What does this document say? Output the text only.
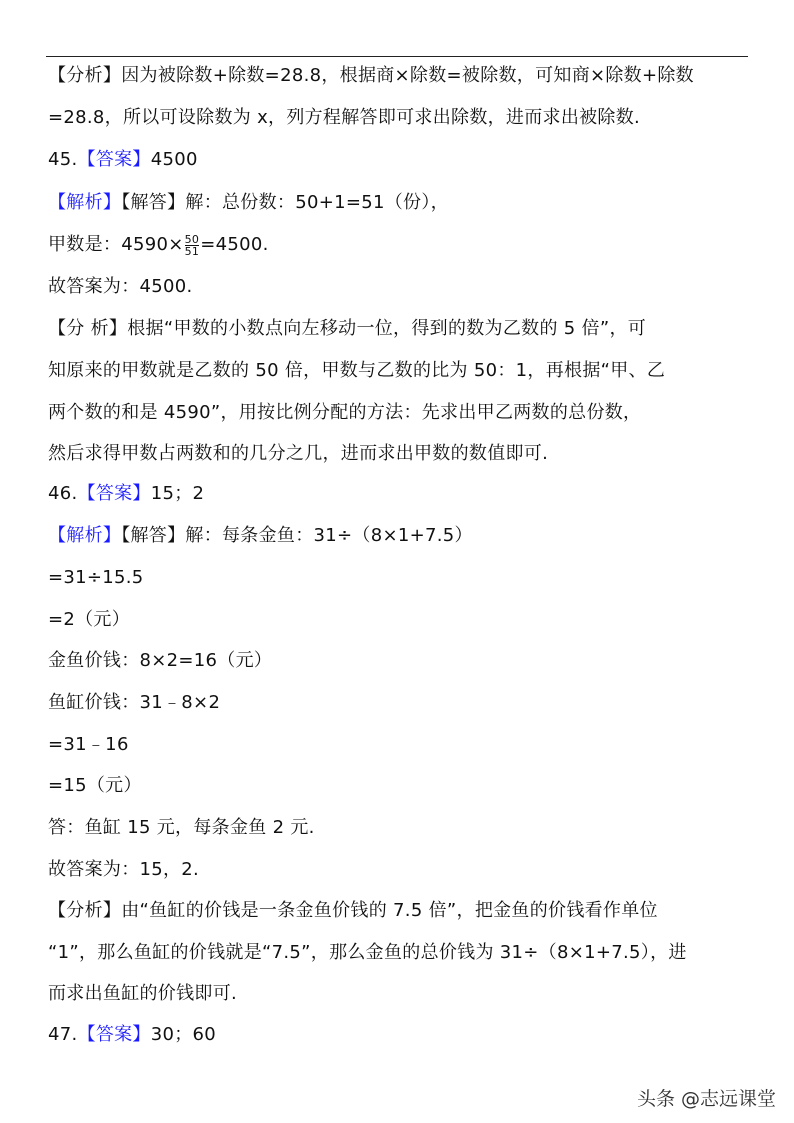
【分析】因为被除数+除数=28.8，根据商×除数=被除数，可知商×除数+除数
=28.8，所以可设除数为 x，列方程解答即可求出除数，进而求出被除数.
45.【答案】4500
【解析】【解答】解：总份数：50+1=51（份），
甲数是：$4590\times \frac{50}{51} =4500$.
故答案为：4500.
【分 析】根据“甲数的小数点向左移动一位，得到的数为乙数的 5 倍”，可
知原来的甲数就是乙数的 50 倍，甲数与乙数的比为 50：1，再根据“甲、乙
两个数的和是 4590”，用按比例分配的方法：先求出甲乙两数的总份数，
然后求得甲数占两数和的几分之几，进而求出甲数的数值即可.
46.【答案】15；2
【解析】【解答】解：每条金鱼：31÷（8×1+7.5）
=31÷15.5
=2（元）
金鱼价钱：8×2=16（元）
鱼缸价钱：31﹣8×2
=31﹣16
=15（元）
答：鱼缸 15 元，每条金鱼 2 元.
故答案为：15，2.
【分析】由“鱼缸的价钱是一条金鱼价钱的 7.5 倍”，把金鱼的价钱看作单位
“1”，那么鱼缸的价钱就是“7.5”，那么金鱼的总价钱为 31÷（8×1+7.5），进
而求出鱼缸的价钱即可.
47.【答案】30；60
头条 @志远课堂
